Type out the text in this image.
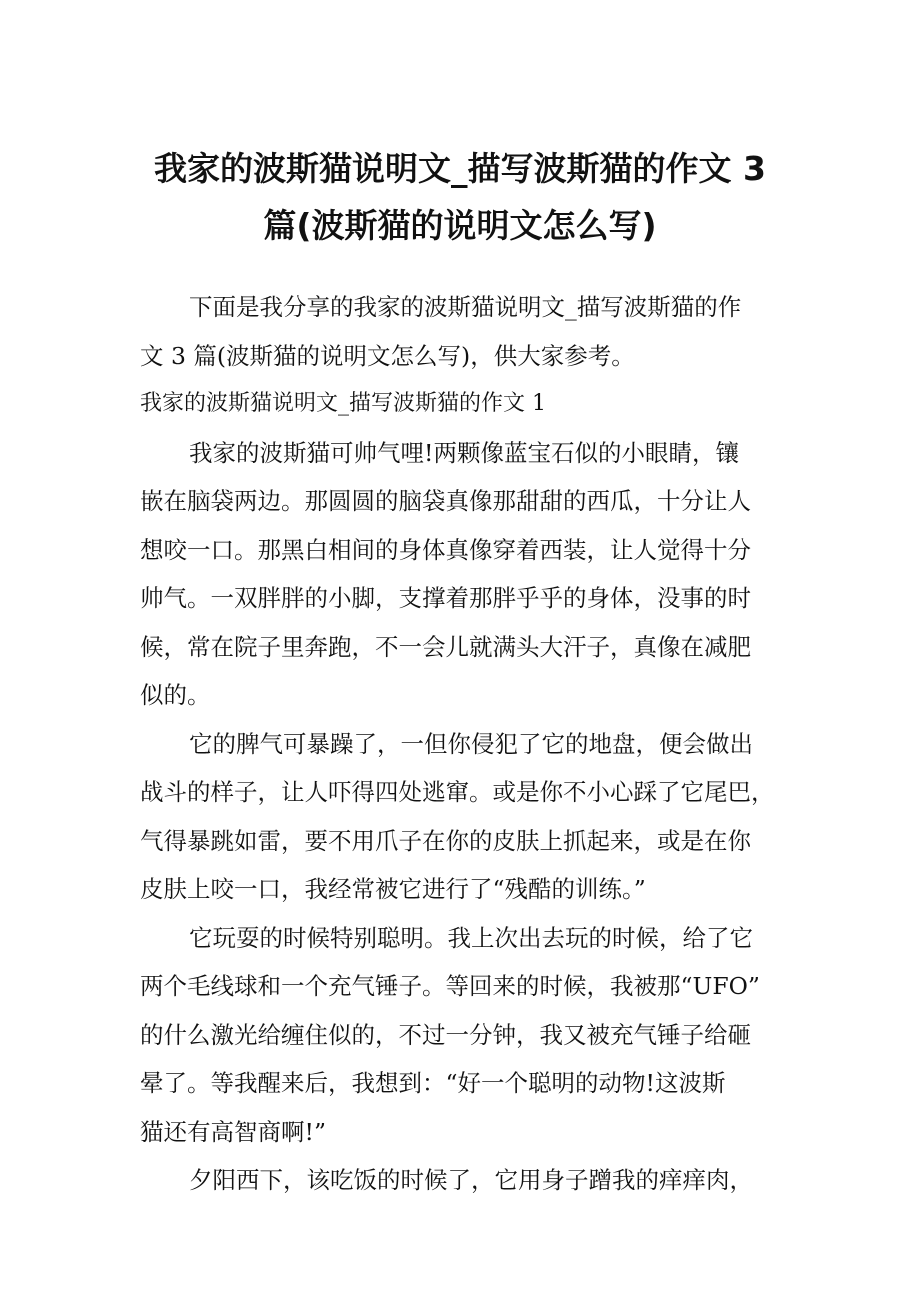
我家的波斯猫说明文_描写波斯猫的作文 3
篇(波斯猫的说明文怎么写)
下面是我分享的我家的波斯猫说明文_描写波斯猫的作
文 3 篇(波斯猫的说明文怎么写)，供大家参考。
我家的波斯猫说明文_描写波斯猫的作文 1
我家的波斯猫可帅气哩!两颗像蓝宝石似的小眼睛，镶
嵌在脑袋两边。那圆圆的脑袋真像那甜甜的西瓜，十分让人
想咬一口。那黑白相间的身体真像穿着西装，让人觉得十分
帅气。一双胖胖的小脚，支撑着那胖乎乎的身体，没事的时
候，常在院子里奔跑，不一会儿就满头大汗子，真像在减肥
似的。
它的脾气可暴躁了，一但你侵犯了它的地盘，便会做出
战斗的样子，让人吓得四处逃窜。或是你不小心踩了它尾巴，
气得暴跳如雷，要不用爪子在你的皮肤上抓起来，或是在你
皮肤上咬一口，我经常被它进行了“残酷的训练。”
它玩耍的时候特别聪明。我上次出去玩的时候，给了它
两个毛线球和一个充气锤子。等回来的时候，我被那“UFO”
的什么激光给缠住似的，不过一分钟，我又被充气锤子给砸
晕了。等我醒来后，我想到：“好一个聪明的动物!这波斯
猫还有高智商啊!”
夕阳西下，该吃饭的时候了，它用身子蹭我的痒痒肉，
